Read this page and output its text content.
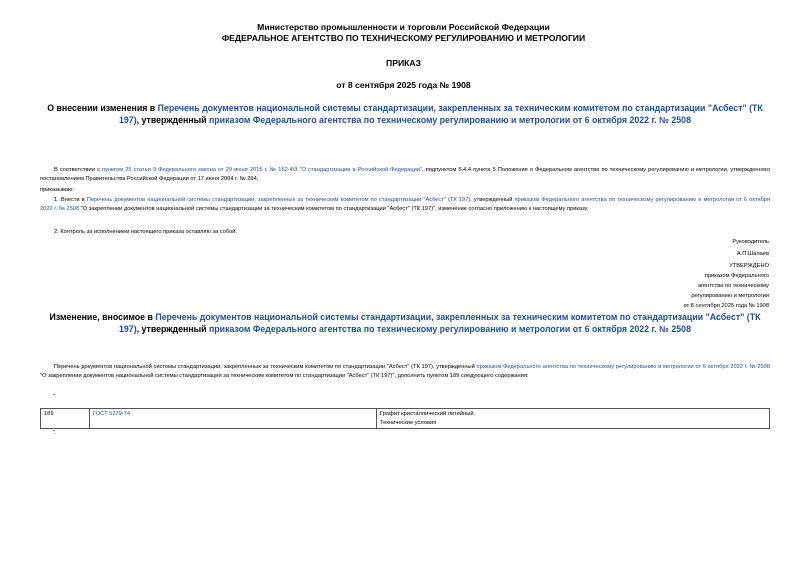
Министерство промышленности и торговли Российской Федерации
ФЕДЕРАЛЬНОЕ АГЕНТСТВО ПО ТЕХНИЧЕСКОМУ РЕГУЛИРОВАНИЮ И МЕТРОЛОГИИ
ПРИКАЗ
от 8 сентября 2025 года № 1908
О внесении изменения в Перечень документов национальной системы стандартизации, закрепленных за техническим комитетом по стандартизации "Асбест" (ТК 197), утвержденный приказом Федерального агентства по техническому регулированию и метрологии от 6 октября 2022 г. № 2508
В соответствии с пунктом 25 статьи 9 Федерального закона от 29 июня 2015 г. № 162-ФЗ "О стандартизации в Российской Федерации", подпунктом 5.4.4 пункта 5 Положения о Федеральном агентстве по техническому регулированию и метрологии, утвержденного постановлением Правительства Российской Федерации от 17 июня 2004 г. № 294,
приказываю:
1. Внести в Перечень документов национальной системы стандартизации, закрепленных за техническим комитетом по стандартизации "Асбест" (ТК 197), утвержденный приказом Федерального агентства по техническому регулированию и метрологии от 6 октября 2022 г. № 2508 "О закреплении документов национальной системы стандартизации за техническим комитетом по стандартизации "Асбест" (ТК 197)", изменение согласно приложению к настоящему приказу.
2. Контроль за исполнением настоящего приказа оставляю за собой.
Руководитель
А.П.Шалаев
УТВЕРЖДЕНО
приказом Федерального
агентства по техническому
регулированию и метрологии
от 8 сентября 2025 года № 1908
Изменение, вносимое в Перечень документов национальной системы стандартизации, закрепленных за техническим комитетом по стандартизации "Асбест" (ТК 197), утвержденный приказом Федерального агентства по техническому регулированию и метрологии от 6 октября 2022 г. № 2508
Перечень документов национальной системы стандартизации, закрепленных за техническим комитетом по стандартизации "Асбест" (ТК 197), утвержденный приказом Федерального агентства по техническому регулированию и метрологии от 6 октября 2022 г. № 2508 "О закреплении документов национальной системы стандартизации за техническим комитетом по стандартизации "Асбест" (ТК 197)", дополнить пунктом 189 следующего содержания:
"
189	ГОСТ 5279-74	Графит кристаллический литейный.
Технические условия
".
